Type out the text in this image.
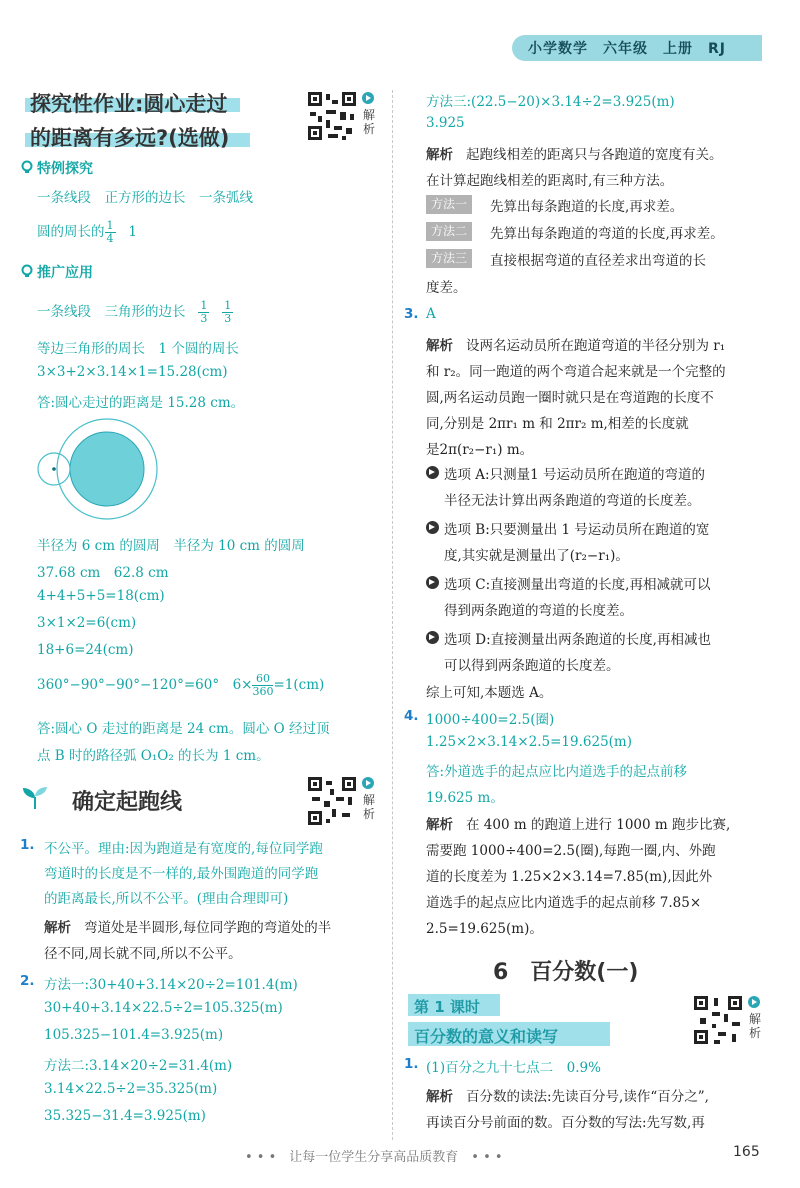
小学数学　六年级　上册　RJ
探究性作业:圆心走过
的距离有多远?(选做)
解析
特例探究
一条线段　正方形的边长　一条弧线
圆的周长的 $\frac{1}{4} 1$
推广应用
一条线段　三角形的边长 $\frac{1}{3}$
$\frac{1}{3}$
等边三角形的周长　1 个圆的周长
3×3+2×3.14×1=15.28(cm)
答:圆心走过的距离是 15.28 cm。
半径为 6 cm 的圆周　半径为 10 cm 的圆周
37.68 cm　62.8 cm
4+4+5+5=18(cm)
3×1×2=6(cm)
18+6=24(cm)
360°−90°−90°−120°=60°　$6\times \frac{60}{360} =1(cm)$
答:圆心 O 走过的距离是 24 cm。圆心 O 经过顶
点 B 时的路径弧 O₁O₂ 的长为 1 cm。
确定起跑线	解析
1. 不公平。理由:因为跑道是有宽度的,每位同学跑
弯道时的长度是不一样的,最外围跑道的同学跑
的距离最长,所以不公平。(理由合理即可)
解析 弯道处是半圆形,每位同学跑的弯道处的半
径不同,周长就不同,所以不公平。
2. 方法一:30+40+3.14×20÷2=101.4(m)
30+40+3.14×22.5÷2=105.325(m)
105.325−101.4=3.925(m)
方法二:3.14×20÷2=31.4(m)
3.14×22.5÷2=35.325(m)
35.325−31.4=3.925(m)
方法三:(22.5−20)×3.14÷2=3.925(m)
3.925
解析 起跑线相差的距离只与各跑道的宽度有关。
在计算起跑线相差的距离时,有三种方法。
方法一	先算出每条跑道的长度,再求差。
方法二	先算出每条跑道的弯道的长度,再求差。
方法三	直接根据弯道的直径差求出弯道的长
度差。
3. A
解析 设两名运动员所在跑道弯道的半径分别为 r₁
和 r₂。同一跑道的两个弯道合起来就是一个完整的
圆,两名运动员跑一圈时就只是在弯道跑的长度不
同,分别是 2πr₁ m 和 2πr₂ m,相差的长度就
是2π(r₂−r₁) m。
选项 A:只测量1 号运动员所在跑道的弯道的
半径无法计算出两条跑道的弯道的长度差。
选项 B:只要测量出 1 号运动员所在跑道的宽
度,其实就是测量出了(r₂−r₁)。
选项 C:直接测量出弯道的长度,再相减就可以
得到两条跑道的弯道的长度差。
选项 D:直接测量出两条跑道的长度,再相减也
可以得到两条跑道的长度差。
综上可知,本题选 A。
4. 1000÷400=2.5(圈)
1.25×2×3.14×2.5=19.625(m)
答:外道选手的起点应比内道选手的起点前移
19.625 m。
解析 在 400 m 的跑道上进行 1000 m 跑步比赛,
需要跑 1000÷400=2.5(圈),每跑一圈,内、外跑
道的长度差为 1.25×2×3.14=7.85(m),因此外
道选手的起点应比内道选手的起点前移 7.85×
2.5=19.625(m)。
6　百分数(一)
第 1 课时
百分数的意义和读写
解析
1. (1)百分之九十七点二　0.9%
解析 百分数的读法:先读百分号,读作“百分之”,
再读百分号前面的数。百分数的写法:先写数,再
• • •　让每一位学生分享高品质教育　• • •	165
